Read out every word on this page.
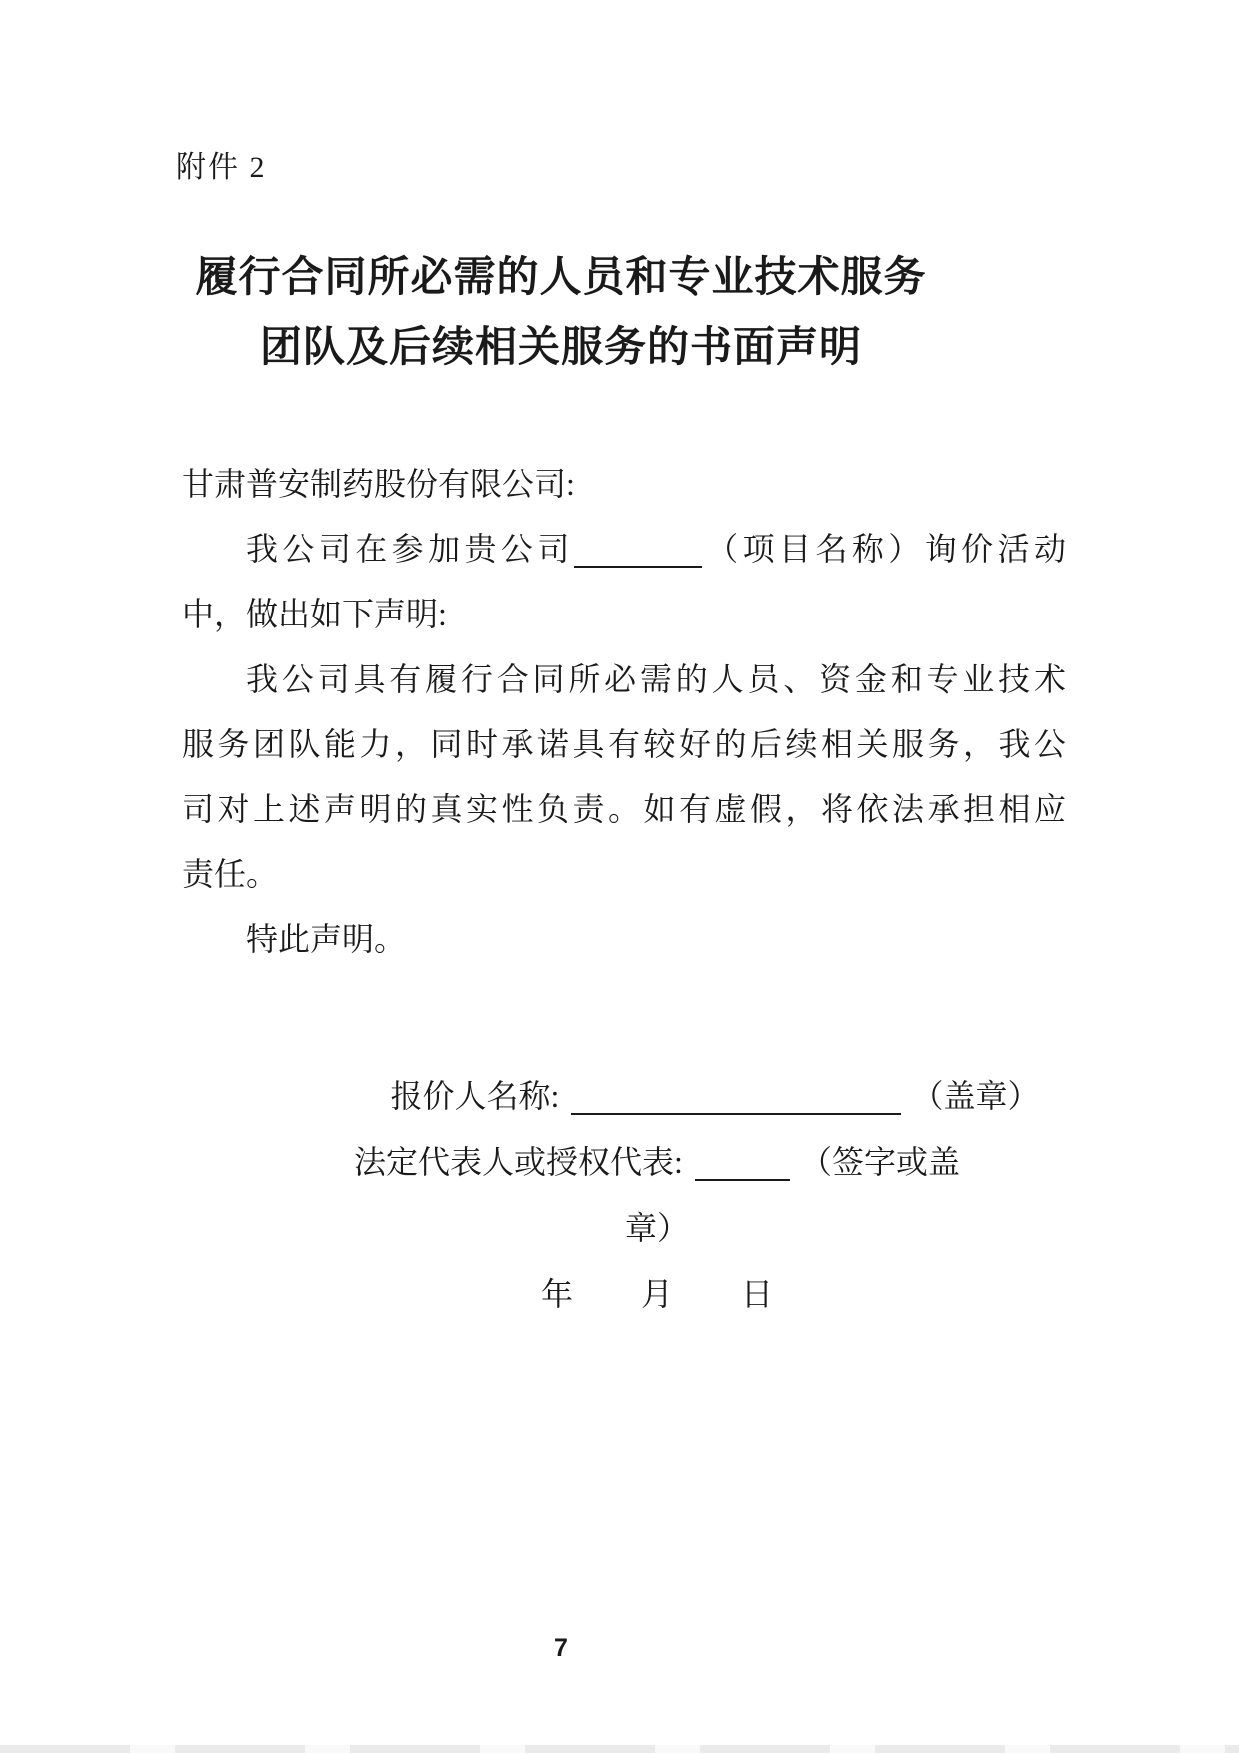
附件 2
履行合同所必需的人员和专业技术服务
团队及后续相关服务的书面声明
甘肃普安制药股份有限公司:
我公司在参加贵公司	（项目名称）询价活动
中，做出如下声明:
我公司具有履行合同所必需的人员、资金和专业技术
服务团队能力，同时承诺具有较好的后续相关服务，我公
司对上述声明的真实性负责。如有虚假，将依法承担相应
责任。
特此声明。
报价人名称:	（盖章）
法定代表人或授权代表:	（签字或盖章）
年 月 日
7
